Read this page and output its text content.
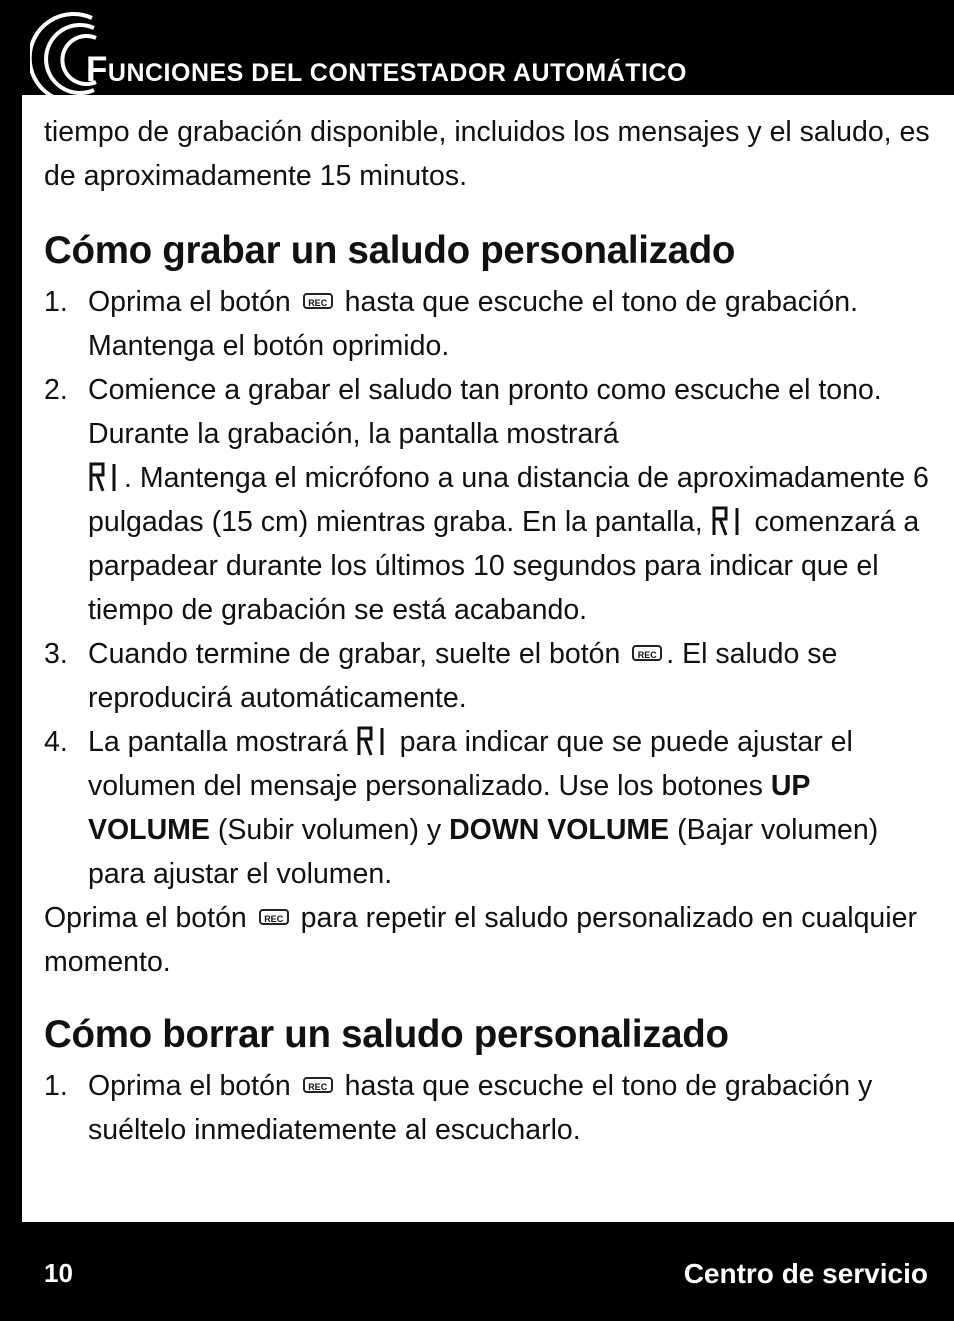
FUNCIONES DEL CONTESTADOR AUTOMÁTICO

tiempo de grabación disponible, incluidos los mensajes y el saludo, es de aproximadamente 15 minutos.

Cómo grabar un saludo personalizado
1. Oprima el botón REC hasta que escuche el tono de grabación. Mantenga el botón oprimido.
2. Comience a grabar el saludo tan pronto como escuche el tono. Durante la grabación, la pantalla mostrará
. Mantenga el micrófono a una distancia de aproximadamente 6 pulgadas (15 cm) mientras graba. En la pantalla, comenzará a parpadear durante los últimos 10 segundos para indicar que el tiempo de grabación se está acabando.
3. Cuando termine de grabar, suelte el botón REC . El saludo se reproducirá automáticamente.
4. La pantalla mostrará para indicar que se puede ajustar el volumen del mensaje personalizado. Use los botones UP VOLUME (Subir volumen) y DOWN VOLUME (Bajar volumen) para ajustar el volumen.

Oprima el botón REC para repetir el saludo personalizado en cualquier momento.

Cómo borrar un saludo personalizado
1. Oprima el botón REC hasta que escuche el tono de grabación y suéltelo inmediatemente al escucharlo.
10	Centro de servicio
